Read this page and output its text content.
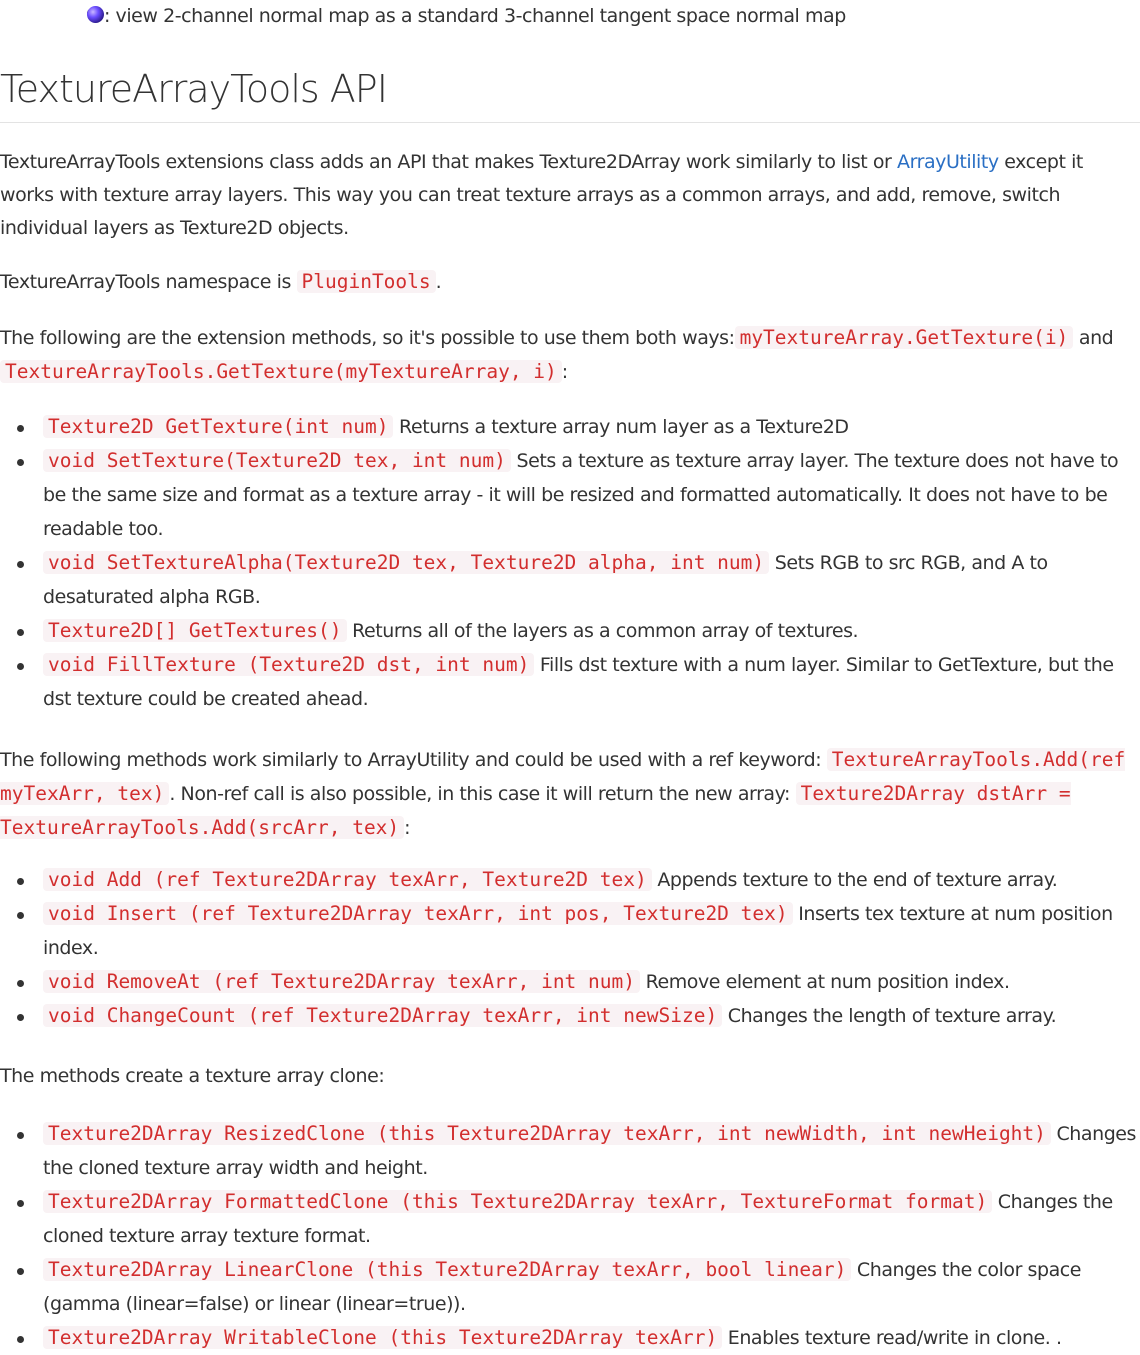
: view 2-channel normal map as a standard 3-channel tangent space normal map
TextureArrayTools API

TextureArrayTools extensions class adds an API that makes Texture2DArray work similarly to list or ArrayUtility except it works with texture array layers. This way you can treat texture arrays as a common arrays, and add, remove, switch individual layers as Texture2D objects.

TextureArrayTools namespace is PluginTools .

The following are the extension methods, so it's possible to use them both ways: myTextureArray.GetTexture(i) and TextureArrayTools.GetTexture(myTextureArray, i) :

Texture2D GetTexture(int num) Returns a texture array num layer as a Texture2D
void SetTexture(Texture2D tex, int num) Sets a texture as texture array layer. The texture does not have to be the same size and format as a texture array - it will be resized and formatted automatically. It does not have to be readable too.
void SetTextureAlpha(Texture2D tex, Texture2D alpha, int num) Sets RGB to src RGB, and A to desaturated alpha RGB.
Texture2D[] GetTextures() Returns all of the layers as a common array of textures.
void FillTexture (Texture2D dst, int num) Fills dst texture with a num layer. Similar to GetTexture, but the dst texture could be created ahead.

The following methods work similarly to ArrayUtility and could be used with a ref keyword: TextureArrayTools.Add(ref myTexArr, tex) . Non-ref call is also possible, in this case it will return the new array: Texture2DArray dstArr = TextureArrayTools.Add(srcArr, tex) :

void Add (ref Texture2DArray texArr, Texture2D tex) Appends texture to the end of texture array.
void Insert (ref Texture2DArray texArr, int pos, Texture2D tex) Inserts tex texture at num position index.
void RemoveAt (ref Texture2DArray texArr, int num) Remove element at num position index.
void ChangeCount (ref Texture2DArray texArr, int newSize) Changes the length of texture array.

The methods create a texture array clone:

Texture2DArray ResizedClone (this Texture2DArray texArr, int newWidth, int newHeight) Changes the cloned texture array width and height.
Texture2DArray FormattedClone (this Texture2DArray texArr, TextureFormat format) Changes the cloned texture array texture format.
Texture2DArray LinearClone (this Texture2DArray texArr, bool linear) Changes the color space (gamma (linear=false) or linear (linear=true)).
Texture2DArray WritableClone (this Texture2DArray texArr) Enables texture read/write in clone. .
